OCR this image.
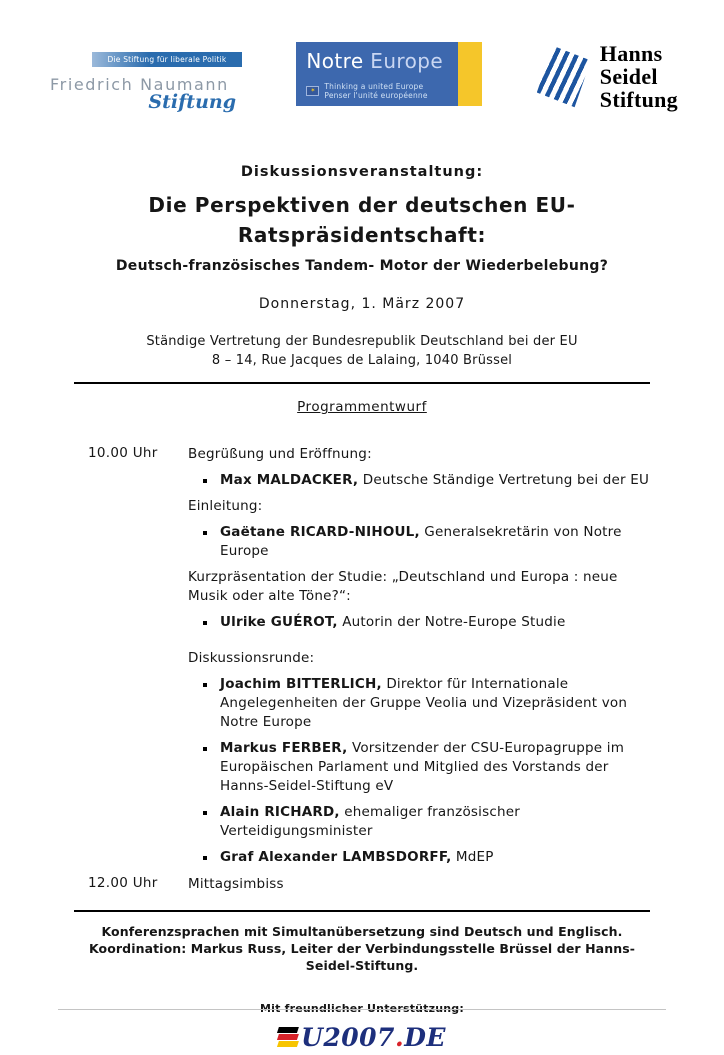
Die Stiftung für liberale Politik
Friedrich Naumann
Stiftung
Notre Europe
✶	Thinking a united Europe
Penser l'unité européenne
Hanns
Seidel
Stiftung
Diskussionsveranstaltung:
Die Perspektiven der deutschen EU-
Ratspräsidentschaft:
Deutsch-französisches Tandem- Motor der Wiederbelebung?
Donnerstag, 1. März 2007
Ständige Vertretung der Bundesrepublik Deutschland bei der EU
8 – 14, Rue Jacques de Lalaing, 1040 Brüssel
Programmentwurf
10.00 Uhr	Begrüßung und Eröffnung:
Max MALDACKER, Deutsche Ständige Vertretung bei der EU
Einleitung:
Gaëtane RICARD-NIHOUL, Generalsekretärin von Notre Europe
Kurzpräsentation der Studie: „Deutschland und Europa : neue Musik oder alte Töne?“:
Ulrike GUÉROT, Autorin der Notre-Europe Studie
Diskussionsrunde:
Joachim BITTERLICH, Direktor für Internationale Angelegenheiten der Gruppe Veolia und Vizepräsident von Notre Europe
Markus FERBER, Vorsitzender der CSU-Europagruppe im Europäischen Parlament und Mitglied des Vorstands der Hanns-Seidel-Stiftung eV
Alain RICHARD, ehemaliger französischer Verteidigungsminister
Graf Alexander LAMBSDORFF, MdEP
12.00 Uhr	Mittagsimbiss
Konferenzsprachen mit Simultanübersetzung sind Deutsch und Englisch.
Koordination: Markus Russ, Leiter der Verbindungsstelle Brüssel der Hanns-Seidel-Stiftung.
Mit freundlicher Unterstützung:
U2007.DE
